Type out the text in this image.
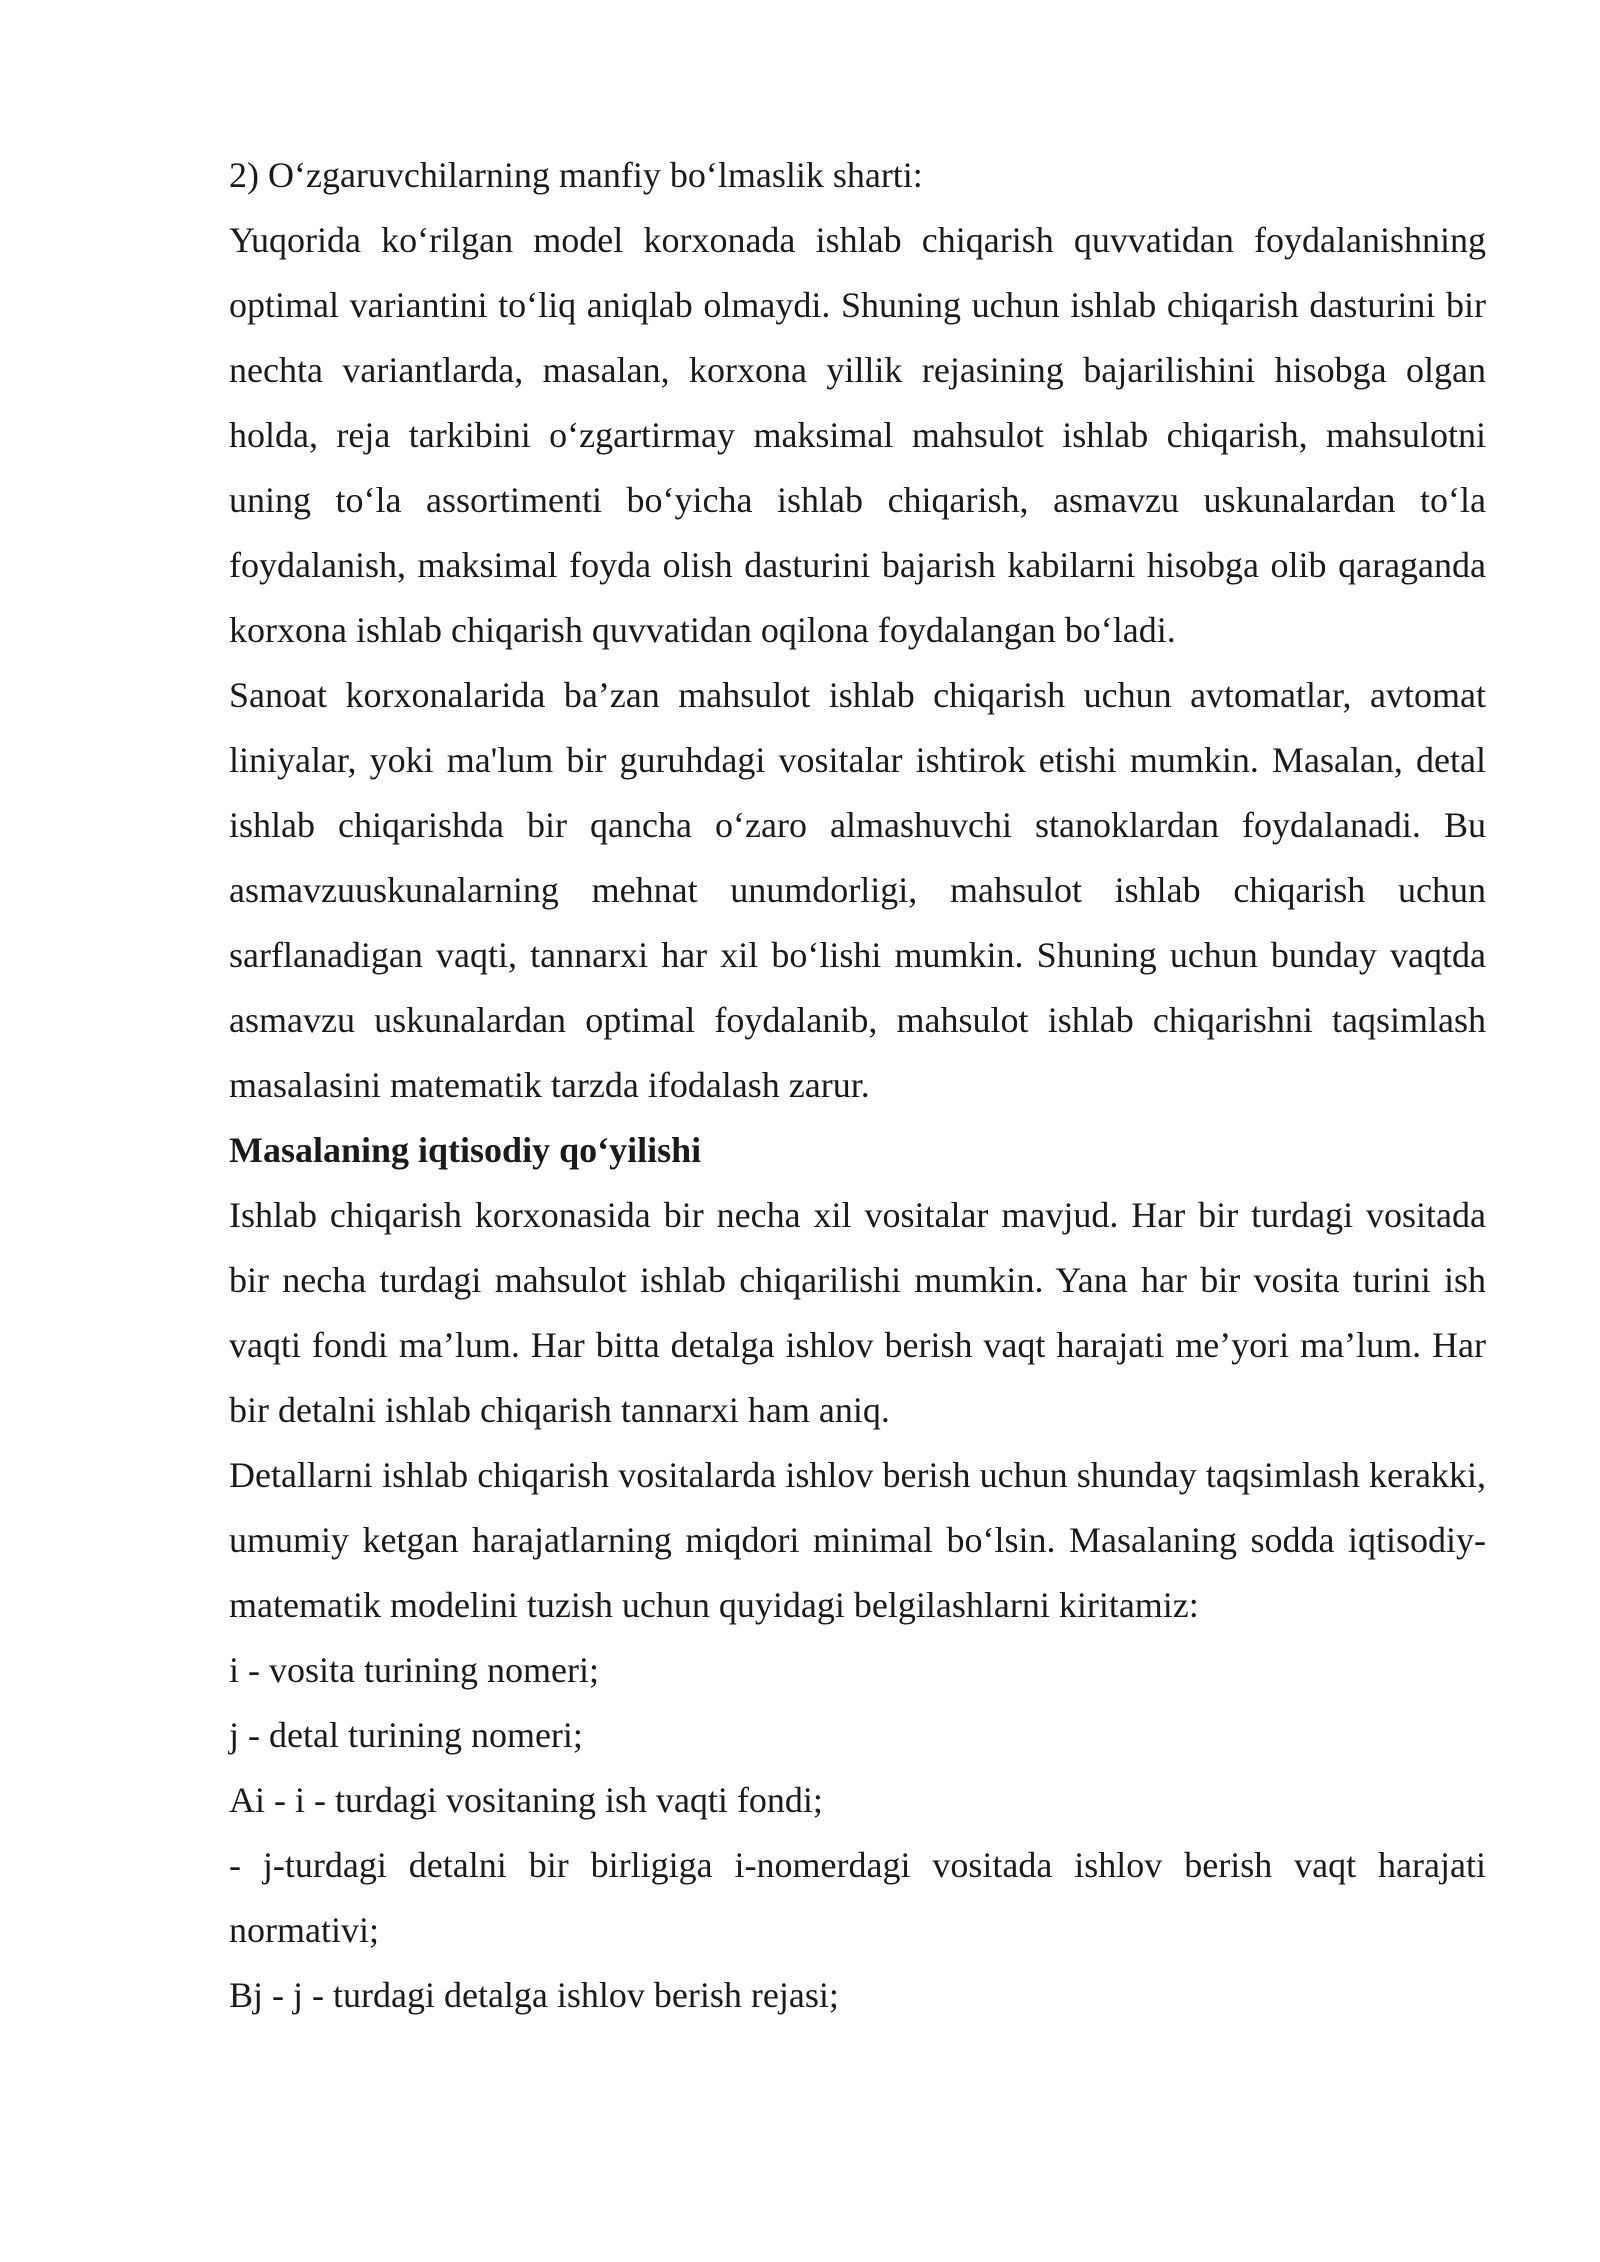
2) O‘zgaruvchilarning manfiy bo‘lmaslik sharti:

Yuqorida ko‘rilgan model korxonada ishlab chiqarish quvvatidan foydalanishning optimal variantini to‘liq aniqlab olmaydi. Shuning uchun ishlab chiqarish dasturini bir nechta variantlarda, masalan, korxona yillik rejasining bajarilishini hisobga olgan holda, reja tarkibini o‘zgartirmay maksimal mahsulot ishlab chiqarish, mahsulotni uning to‘la assortimenti bo‘yicha ishlab chiqarish, asmavzu uskunalardan to‘la foydalanish, maksimal foyda olish dasturini bajarish kabilarni hisobga olib qaraganda korxona ishlab chiqarish quvvatidan oqilona foydalangan bo‘ladi.

Sanoat korxonalarida ba’zan mahsulot ishlab chiqarish uchun avtomatlar, avtomat liniyalar, yoki ma'lum bir guruhdagi vositalar ishtirok etishi mumkin. Masalan, detal ishlab chiqarishda bir qancha o‘zaro almashuvchi stanoklardan foydalanadi. Bu asmavzuuskunalarning mehnat unumdorligi, mahsulot ishlab chiqarish uchun sarflanadigan vaqti, tannarxi har xil bo‘lishi mumkin. Shuning uchun bunday vaqtda asmavzu uskunalardan optimal foydalanib, mahsulot ishlab chiqarishni taqsimlash masalasini matematik tarzda ifodalash zarur.

Masalaning iqtisodiy qo‘yilishi

Ishlab chiqarish korxonasida bir necha xil vositalar mavjud. Har bir turdagi vositada bir necha turdagi mahsulot ishlab chiqarilishi mumkin. Yana har bir vosita turini ish vaqti fondi ma’lum. Har bitta detalga ishlov berish vaqt harajati me’yori ma’lum. Har bir detalni ishlab chiqarish tannarxi ham aniq.

Detallarni ishlab chiqarish vositalarda ishlov berish uchun shunday taqsimlash kerakki, umumiy ketgan harajatlarning miqdori minimal bo‘lsin. Masalaning sodda iqtisodiy-matematik modelini tuzish uchun quyidagi belgilashlarni kiritamiz:

i - vosita turining nomeri;

j - detal turining nomeri;

Ai - i - turdagi vositaning ish vaqti fondi;

- j-turdagi detalni bir birligiga i-nomerdagi vositada ishlov berish vaqt harajati normativi;

Bj - j - turdagi detalga ishlov berish rejasi;
